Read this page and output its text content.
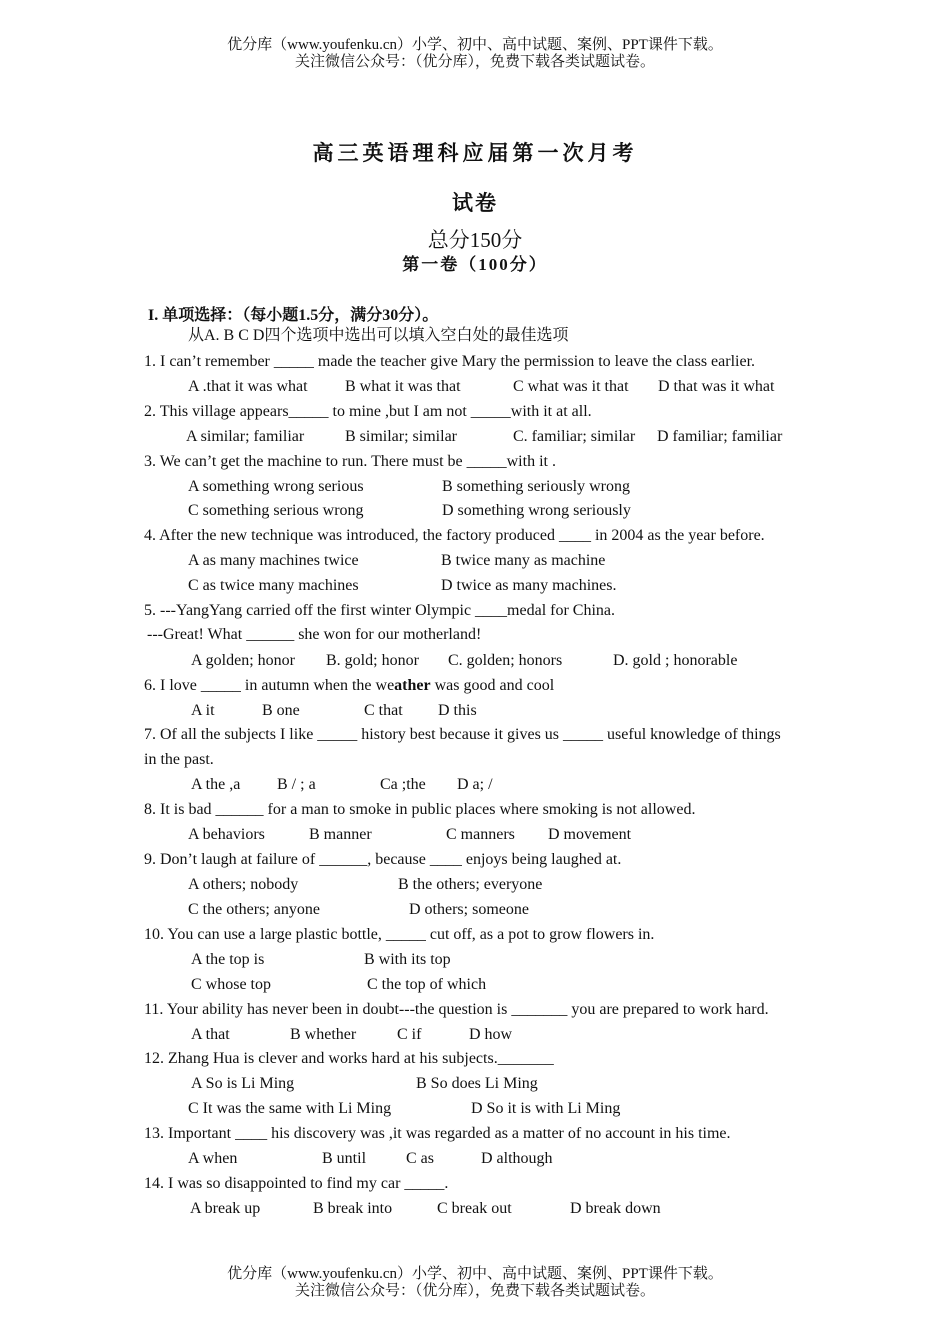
优分库（www.youfenku.cn）小学、初中、高中试题、案例、PPT课件下载。
关注微信公众号：（优分库），免费下载各类试题试卷。
高三英语理科应届第一次月考
试卷
总分150分
第一卷（100分）
I. 单项选择：（每小题1.5分，满分30分）。
从A. B C D四个选项中选出可以填入空白处的最佳选项
1. I can’t remember _____ made the teacher give Mary the permission to leave the class earlier.
A .that it was what B what it was that	C what was it that D that was it what
2. This village appears_____ to mine ,but I am not _____with it at all.
A similar; familiar	B similar; similar	C. familiar; similar D familiar; familiar
3. We can’t get the machine to run. There must be _____with it .
A something wrong serious	B something seriously wrong
C something serious wrong	D something wrong seriously
4. After the new technique was introduced, the factory produced ____ in 2004 as the year before.
A as many machines twice	B twice many as machine
C as twice many machines	D twice as many machines.
5. ---YangYang carried off the first winter Olympic ____medal for China.
---Great! What ______ she won for our motherland!
A golden; honor B. gold; honor C. golden; honors	D. gold ; honorable
6. I love _____ in autumn when the weather was good and cool
A it	B one	C that D this
7. Of all the subjects I like _____ history best because it gives us _____ useful knowledge of things
in the past.
A the ,a B / ; a	Ca ;the D a; /
8. It is bad ______ for a man to smoke in public places where smoking is not allowed.
A behaviors	B manner	C manners D movement
9. Don’t laugh at failure of ______, because ____ enjoys being laughed at.
A others; nobody	B the others; everyone
C the others; anyone	D others; someone
10. You can use a large plastic bottle, _____ cut off, as a pot to grow flowers in.
A the top is	B with its top
C whose top	C the top of which
11. Your ability has never been in doubt---the question is _______ you are prepared to work hard.
A that	B whether	C if	D how
12. Zhang Hua is clever and works hard at his subjects._______
A So is Li Ming	B So does Li Ming
C It was the same with Li Ming	D So it is with Li Ming
13. Important ____ his discovery was ,it was regarded as a matter of no account in his time.
A when	B until C as	D although
14. I was so disappointed to find my car _____.
A break up	B break into	C break out	D break down
优分库（www.youfenku.cn）小学、初中、高中试题、案例、PPT课件下载。
关注微信公众号：（优分库），免费下载各类试题试卷。
